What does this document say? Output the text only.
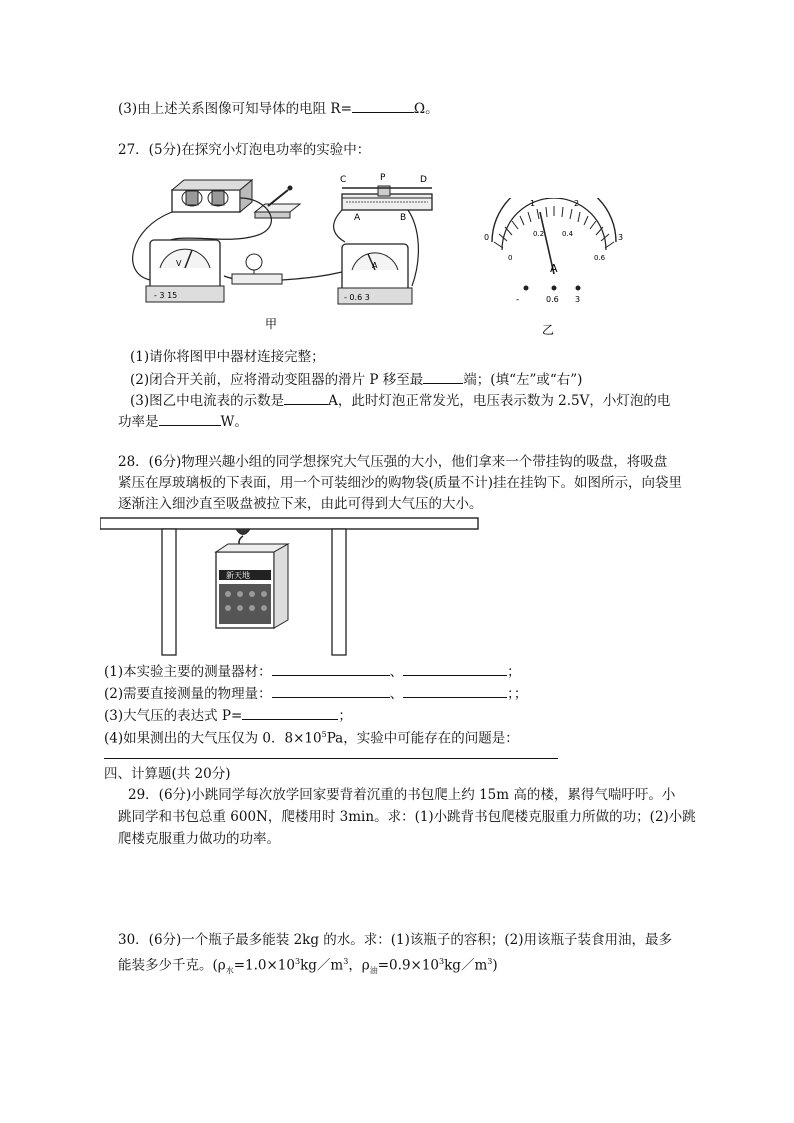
(3)由上述关系图像可知导体的电阻 R=	Ω。
27．(5分)在探究小灯泡电功率的实验中：
V
- 3 15
C	P	D
A	B
A
- 0.6 3
甲
0
1	2
3
0
0.2	0.4
0.6
A
-	0.6 3
乙
(1)请你将图甲中器材连接完整；
(2)闭合开关前，应将滑动变阻器的滑片 P 移至最	端；(填“左”或“右”)
(3)图乙中电流表的示数是	A，此时灯泡正常发光，电压表示数为 2.5V，小灯泡的电
功率是	W。
28．(6分)物理兴趣小组的同学想探究大气压强的大小，他们拿来一个带挂钩的吸盘，将吸盘
紧压在厚玻璃板的下表面，用一个可装细沙的购物袋(质量不计)挂在挂钩下。如图所示，向袋里
逐渐注入细沙直至吸盘被拉下来，由此可得到大气压的大小。
新天地
(1)本实验主要的测量器材：	、	；
(2)需要直接测量的物理量：	、	；；
(3)大气压的表达式 P=	；
(4)如果测出的大气压仅为 0．$8\times 10^5Pa$，实验中可能存在的问题是：
四、计算题(共 20分)
29．(6分)小跳同学每次放学回家要背着沉重的书包爬上约 15m 高的楼，累得气喘吁吁。小
跳同学和书包总重 600N，爬楼用时 3min。求：(1)小跳背书包爬楼克服重力所做的功；(2)小跳
爬楼克服重力做功的功率。
30．(6分)一个瓶子最多能装 2kg 的水。求：(1)该瓶子的容积；(2)用该瓶子装食用油，最多
能装多少千克。($\rho_水=1.0\times 10^3kg/m^3$，$\rho_油=0.9\times 10^3kg/m^3$)
